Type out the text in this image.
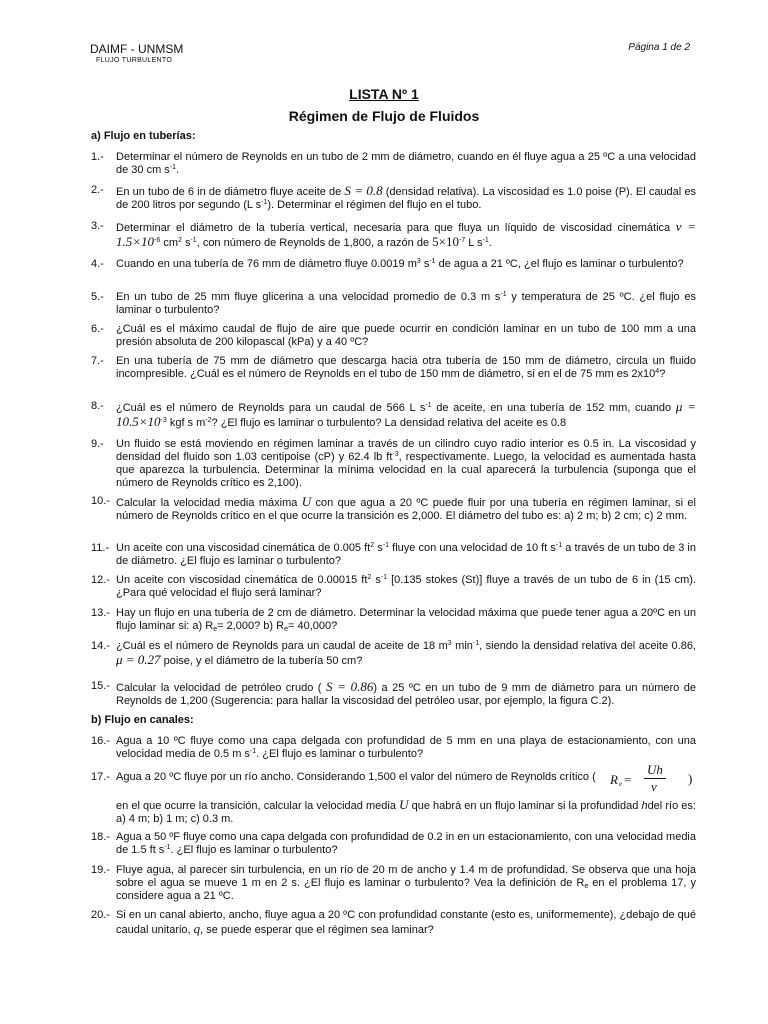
DAIMF - UNMSM
FLUJO TURBULENTO
Página 1 de 2
LISTA Nº 1
Régimen de Flujo de Fluidos
a) Flujo en tuberías:
1.- Determinar el número de Reynolds en un tubo de 2 mm de diámetro, cuando en él fluye agua a 25 ºC a una velocidad de 30 cm $s^{-1}$.
2.- En un tubo de 6 in de diámetro fluye aceite de S = 0.8 (densidad relativa). La viscosidad es 1.0 poise (P). El caudal es de 200 litros por segundo (L $s^{-1}$). Determinar el régimen del flujo en el tubo.
3.- Determinar el diámetro de la tubería vertical, necesaria para que fluya un líquido de viscosidad cinemática $\nu = 1.5\times 10^{-6}$ $cm^2$ $s^{-1}$, con número de Reynolds de 1,800, a razón de $5\times 10^{-7}$ L $s^{-1}$.
4.- Cuando en una tubería de 76 mm de diámetro fluye 0.0019 $m^3$ $s^{-1}$ de agua a 21 ºC, ¿el flujo es laminar o turbulento?
5.- En un tubo de 25 mm fluye glicerina a una velocidad promedio de 0.3 m $s^{-1}$ y temperatura de 25 ºC. ¿el flujo es laminar o turbulento?
6.- ¿Cuál es el máximo caudal de flujo de aire que puede ocurrir en condición laminar en un tubo de 100 mm a una presión absoluta de 200 kilopascal (kPa) y a 40 ºC?
7.- En una tubería de 75 mm de diámetro que descarga hacia otra tubería de 150 mm de diámetro, circula un fluido incompresible. ¿Cuál es el número de Reynolds en el tubo de 150 mm de diámetro, si en el de 75 mm es $2x10^4$?
8.- ¿Cuál es el número de Reynolds para un caudal de 566 L $s^{-1}$ de aceite, en una tubería de 152 mm, cuando $\mu = 10.5\times 10^{-3}$ kgf s $m^{-2}$? ¿El flujo es laminar o turbulento? La densidad relativa del aceite es 0.8
9.- Un fluido se está moviendo en régimen laminar a través de un cilindro cuyo radio interior es 0.5 in. La viscosidad y densidad del fluido son 1.03 centipoise (cP) y 62.4 lb $ft^{-3}$, respectivamente. Luego, la velocidad es aumentada hasta que aparezca la turbulencia. Determinar la mínima velocidad en la cual aparecerá la turbulencia (suponga que el número de Reynolds crítico es 2,100).
10.- Calcular la velocidad media máxima U con que agua a 20 ºC puede fluir por una tubería en régimen laminar, si el número de Reynolds crítico en el que ocurre la transición es 2,000. El diámetro del tubo es: a) 2 m; b) 2 cm; c) 2 mm.
11.- Un aceite con una viscosidad cinemática de 0.005 $ft^2$ $s^{-1}$ fluye con una velocidad de 10 ft $s^{-1}$ a través de un tubo de 3 in de diámetro. ¿El flujo es laminar o turbulento?
12.- Un aceite con viscosidad cinemática de 0.00015 $ft^2$ $s^{-1}$ [0.135 stokes (St)] fluye a través de un tubo de 6 in (15 cm). ¿Para qué velocidad el flujo será laminar?
13.- Hay un flujo en una tubería de 2 cm de diámetro. Determinar la velocidad máxima que puede tener agua a 20ºC en un flujo laminar si: a) $R_e= 2,000$? b) $R_e= 40,000$?
14.- ¿Cuál es el número de Reynolds para un caudal de aceite de 18 $m^3$ $\min^{-1}$, siendo la densidad relativa del aceite 0.86, μ = 0.27 poise, y el diámetro de la tubería 50 cm?
15.- Calcular la velocidad de petróleo crudo ( S = 0.86) a 25 ºC en un tubo de 9 mm de diámetro para un número de Reynolds de 1,200 (Sugerencia: para hallar la viscosidad del petróleo usar, por ejemplo, la figura C.2).
b) Flujo en canales:
16.- Agua a 10 ºC fluye como una capa delgada con profundidad de 5 mm en una playa de estacionamiento, con una velocidad media de 0.5 m $s^{-1}$. ¿El flujo es laminar o turbulento?
17.- Agua a 20 ºC fluye por un río ancho. Considerando 1,500 el valor del número de Reynolds crítico (	R e =
Uh
ν
)
en el que ocurre la transición, calcular la velocidad media U que habrá en un flujo laminar si la profundidad hdel río es: a) 4 m; b) 1 m; c) 0.3 m.
18.- Agua a 50 ºF fluye como una capa delgada con profundidad de 0.2 in en un estacionamiento, con una velocidad media de 1.5 ft $s^{-1}$. ¿El flujo es laminar o turbulento?
19.- Fluye agua, al parecer sin turbulencia, en un río de 20 m de ancho y 1.4 m de profundidad. Se observa que una hoja sobre el agua se mueve 1 m en 2 s. ¿El flujo es laminar o turbulento? Vea la definición de $R_e$ en el problema 17, y considere agua a 21 ºC.
20.- Si en un canal abierto, ancho, fluye agua a 20 ºC con profundidad constante (esto es, uniformemente), ¿debajo de qué caudal unitario, q, se puede esperar que el régimen sea laminar?
